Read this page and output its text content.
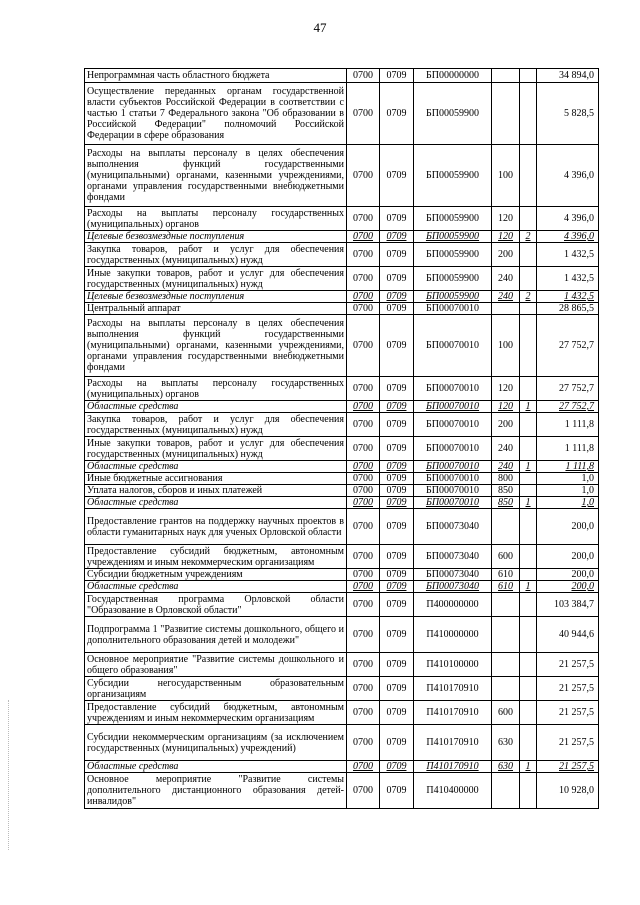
47
Непрограммная часть областного бюджета	0700	0709	БП00000000			34 894,0
Осуществление переданных органам государственной власти субъектов Российской Федерации в соответствии с частью 1 статьи 7 Федерального закона "Об образовании в Российской Федерации" полномочий Российской Федерации в сфере образования	0700	0709	БП00059900			5 828,5
Расходы на выплаты персоналу в целях обеспечения выполнения функций государственными (муниципальными) органами, казенными учреждениями, органами управления государственными внебюджетными фондами	0700	0709	БП00059900	100		4 396,0
Расходы на выплаты персоналу государственных (муниципальных) органов	0700	0709	БП00059900	120		4 396,0
Целевые безвозмездные поступления	0700	0709	БП00059900	120	2	4 396,0
Закупка товаров, работ и услуг для обеспечения государственных (муниципальных) нужд	0700	0709	БП00059900	200		1 432,5
Иные закупки товаров, работ и услуг для обеспечения государственных (муниципальных) нужд	0700	0709	БП00059900	240		1 432,5
Целевые безвозмездные поступления	0700	0709	БП00059900	240	2	1 432,5
Центральный аппарат	0700	0709	БП00070010			28 865,5
Расходы на выплаты персоналу в целях обеспечения выполнения функций государственными (муниципальными) органами, казенными учреждениями, органами управления государственными внебюджетными фондами	0700	0709	БП00070010	100		27 752,7
Расходы на выплаты персоналу государственных (муниципальных) органов	0700	0709	БП00070010	120		27 752,7
Областные средства	0700	0709	БП00070010	120	1	27 752,7
Закупка товаров, работ и услуг для обеспечения государственных (муниципальных) нужд	0700	0709	БП00070010	200		1 111,8
Иные закупки товаров, работ и услуг для обеспечения государственных (муниципальных) нужд	0700	0709	БП00070010	240		1 111,8
Областные средства	0700	0709	БП00070010	240	1	1 111,8
Иные бюджетные ассигнования	0700	0709	БП00070010	800		1,0
Уплата налогов, сборов и иных платежей	0700	0709	БП00070010	850		1,0
Областные средства	0700	0709	БП00070010	850	1	1,0
Предоставление грантов на поддержку научных проектов в области гуманитарных наук для ученых Орловской области	0700	0709	БП00073040			200,0
Предоставление субсидий бюджетным, автономным учреждениям и иным некоммерческим организациям	0700	0709	БП00073040	600		200,0
Субсидии бюджетным учреждениям	0700	0709	БП00073040	610		200,0
Областные средства	0700	0709	БП00073040	610	1	200,0
Государственная программа Орловской области "Образование в Орловской области"	0700	0709	П400000000			103 384,7
Подпрограмма 1 "Развитие системы дошкольного, общего и дополнительного образования детей и молодежи"	0700	0709	П410000000			40 944,6
Основное мероприятие "Развитие системы дошкольного и общего образования"	0700	0709	П410100000			21 257,5
Субсидии негосударственным образовательным организациям	0700	0709	П410170910			21 257,5
Предоставление субсидий бюджетным, автономным учреждениям и иным некоммерческим организациям	0700	0709	П410170910	600		21 257,5
Субсидии некоммерческим организациям (за исключением государственных (муниципальных) учреждений)	0700	0709	П410170910	630		21 257,5
Областные средства	0700	0709	П410170910	630	1	21 257,5
Основное мероприятие "Развитие системы дополнительного дистанционного образования детей-инвалидов"	0700	0709	П410400000			10 928,0
